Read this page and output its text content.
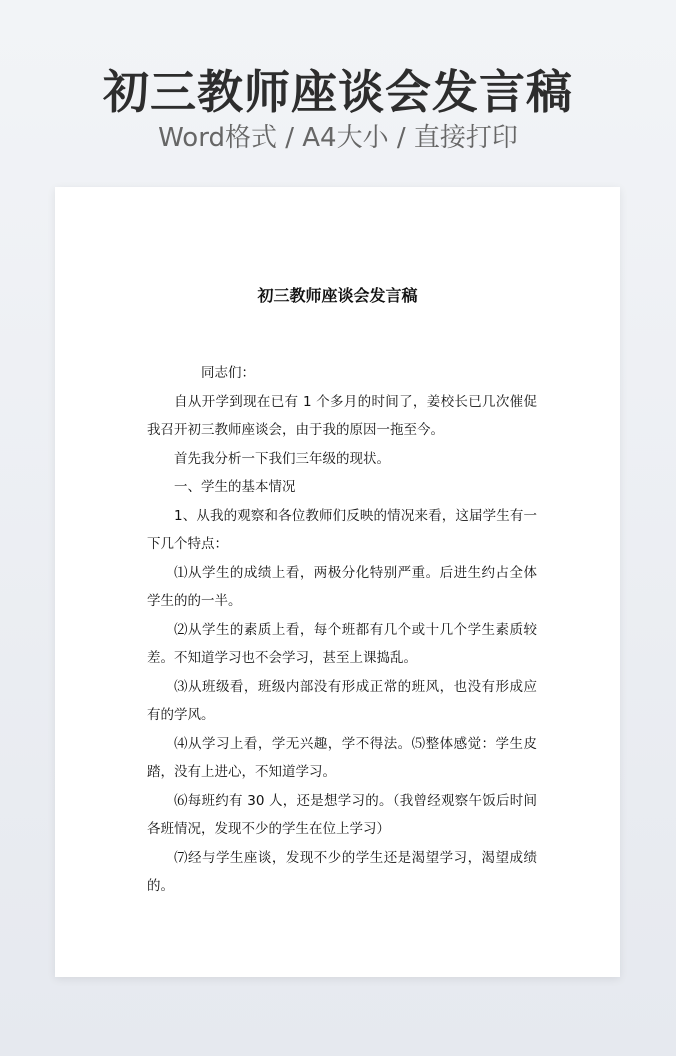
初三教师座谈会发言稿
Word格式 / A4大小 / 直接打印
初三教师座谈会发言稿

同志们：

自从开学到现在已有 1 个多月的时间了，姜校长已几次催促我召开初三教师座谈会，由于我的原因一拖至今。

首先我分析一下我们三年级的现状。

一、学生的基本情况

1、从我的观察和各位教师们反映的情况来看，这届学生有一下几个特点：

⑴从学生的成绩上看，两极分化特别严重。后进生约占全体学生的的一半。

⑵从学生的素质上看，每个班都有几个或十几个学生素质较差。不知道学习也不会学习，甚至上课捣乱。

⑶从班级看，班级内部没有形成正常的班风，也没有形成应有的学风。

⑷从学习上看，学无兴趣，学不得法。⑸整体感觉：学生皮踏，没有上进心，不知道学习。

⑹每班约有 30 人，还是想学习的。（我曾经观察午饭后时间各班情况，发现不少的学生在位上学习）

⑺经与学生座谈，发现不少的学生还是渴望学习，渴望成绩的。
